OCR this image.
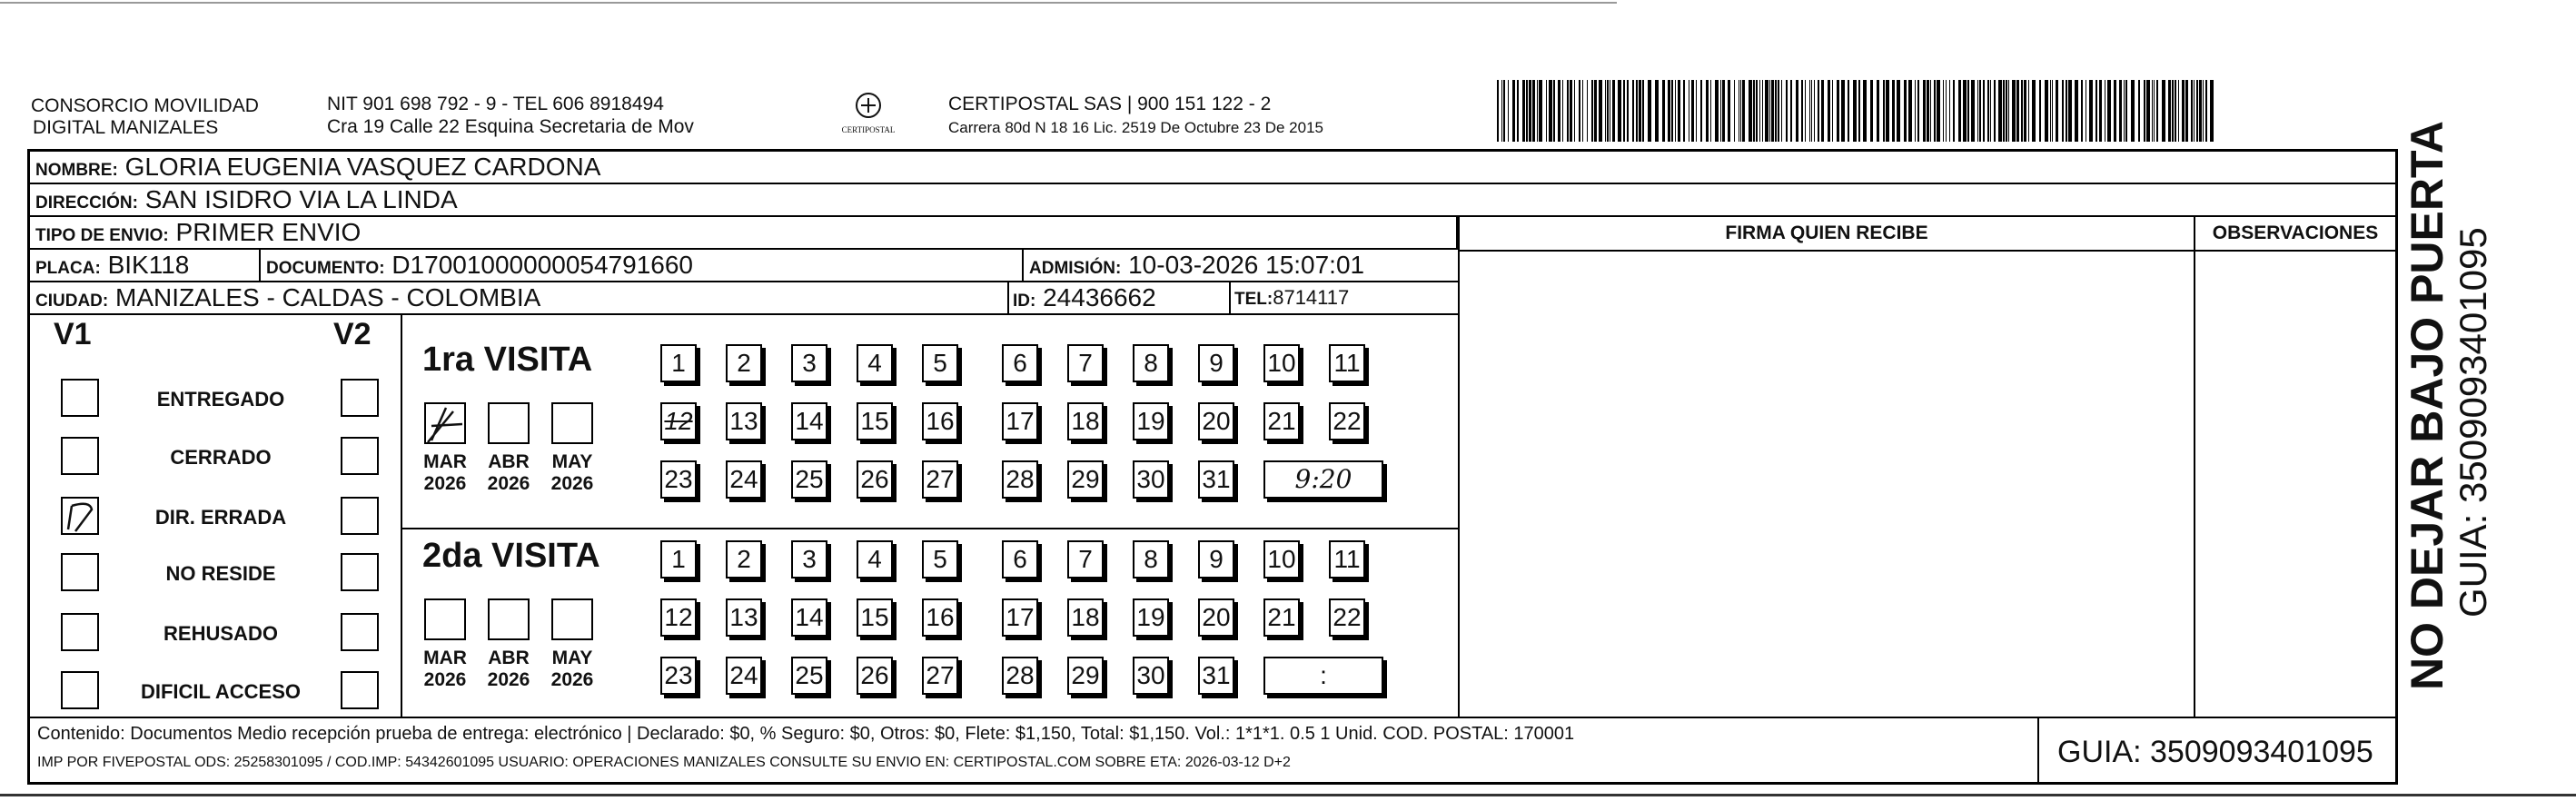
CONSORCIO MOVILIDAD
DIGITAL MANIZALES
NIT 901 698 792 - 9 - TEL 606 8918494
Cra 19 Calle 22 Esquina Secretaria de Mov	CERTIPOSTAL
CERTIPOSTAL SAS | 900 151 122 - 2
Carrera 80d N 18 16 Lic. 2519 De Octubre 23 De 2015
NOMBRE: GLORIA EUGENIA VASQUEZ CARDONA
DIRECCIÓN: SAN ISIDRO VIA LA LINDA
TIPO DE ENVIO: PRIMER ENVIO
PLACA: BIK118	DOCUMENTO: D17001000000054791660	ADMISIÓN: 10-03-2026 15:07:01
CIUDAD: MANIZALES - CALDAS - COLOMBIA	ID: 24436662	TEL:8714117
FIRMA QUIEN RECIBE	OBSERVACIONES
V1	V2
ENTREGADO
CERRADO
DIR. ERRADA
NO RESIDE
REHUSADO
DIFICIL ACCESO
1ra VISITA
2da VISITA
MAR
2026
ABR
2026
MAY
2026
1	2	3	4	5	6	7	8	9	10 11
12 13 14 15 16 17 18 19 20 21 22
23 24 25 26 27 28 29 30 31	9:20
MAR
2026
ABR
2026
MAY
2026
1	2	3	4	5	6	7	8	9	10 11
12 13 14 15 16 17 18 19 20 21 22
23 24 25 26 27 28 29 30 31	:
Contenido: Documentos Medio recepción prueba de entrega: electrónico | Declarado: $0, % Seguro: $0, Otros: $0, Flete: $1,150, Total: $1,150. Vol.: 1*1*1. 0.5 1 Unid. COD. POSTAL: 170001
IMP POR FIVEPOSTAL ODS: 25258301095 / COD.IMP: 54342601095 USUARIO: OPERACIONES MANIZALES CONSULTE SU ENVIO EN: CERTIPOSTAL.COM SOBRE ETA: 2026-03-12 D+2	GUIA: 3509093401095
NO DEJAR BAJO PUERTA GUIA: 3509093401095
